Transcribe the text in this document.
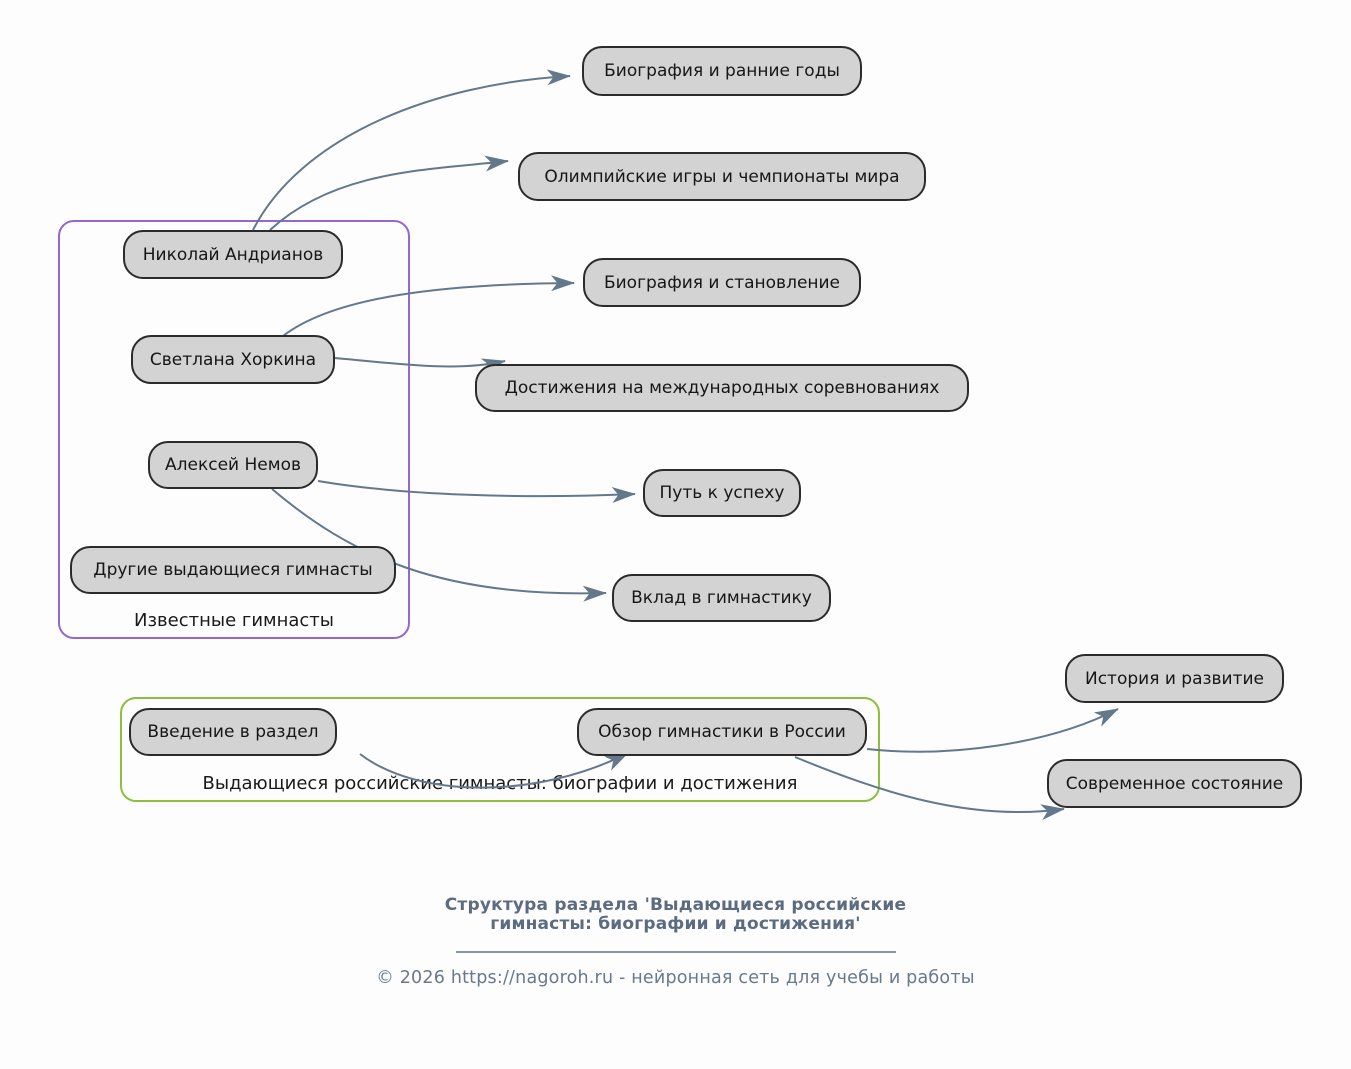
Известные гимнасты
Выдающиеся российские гимнасты: биографии и достижения
Биография и ранние годы
Олимпийские игры и чемпионаты мира
Николай Андрианов
Биография и становление
Светлана Хоркина
Достижения на международных соревнованиях
Алексей Немов
Путь к успеху
Другие выдающиеся гимнасты
Вклад в гимнастику
История и развитие
Введение в раздел	Обзор гимнастики в России
Современное состояние
Структура раздела 'Выдающиеся российские
гимнасты: биографии и достижения'
© 2026 https://nagoroh.ru - нейронная сеть для учебы и работы
